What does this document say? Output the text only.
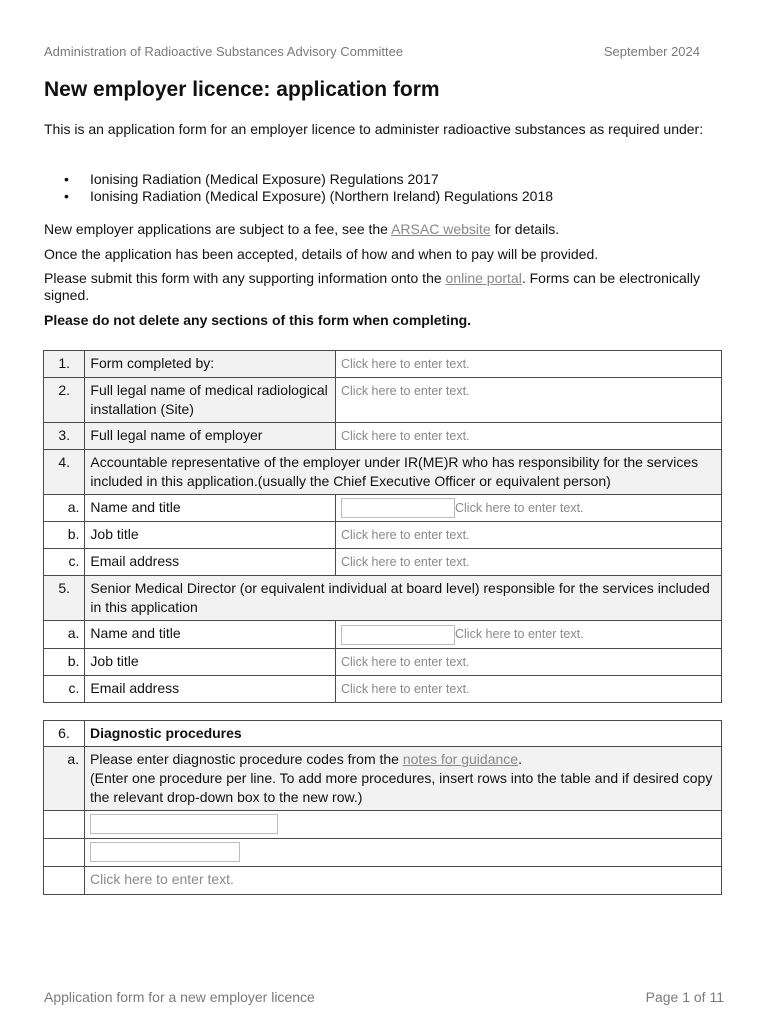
Administration of Radioactive Substances Advisory Committee	September 2024
New employer licence: application form

This is an application form for an employer licence to administer radioactive substances as required under:

• Ionising Radiation (Medical Exposure) Regulations 2017
• Ionising Radiation (Medical Exposure) (Northern Ireland) Regulations 2018

New employer applications are subject to a fee, see the ARSAC website for details.

Once the application has been accepted, details of how and when to pay will be provided.

Please submit this form with any supporting information onto the online portal. Forms can be electronically signed.

Please do not delete any sections of this form when completing.

1.	Form completed by:	Click here to enter text.
2.	Full legal name of medical radiological installation (Site)	Click here to enter text.
3.	Full legal name of employer	Click here to enter text.
4.	Accountable representative of the employer under IR(ME)R who has responsibility for the services included in this application.(usually the Chief Executive Officer or equivalent person)	
a.	Name and title	Click here to enter text.
b.	Job title	Click here to enter text.
c.	Email address	Click here to enter text.
5.	Senior Medical Director (or equivalent individual at board level) responsible for the services included in this application	
a.	Name and title	Click here to enter text.
b.	Job title	Click here to enter text.
c.	Email address	Click here to enter text.
6.	Diagnostic procedures
a.	Please enter diagnostic procedure codes from the notes for guidance.
(Enter one procedure per line. To add more procedures, insert rows into the table and if desired copy the relevant drop-down box to the new row.)

	Click here to enter text.
Application form for a new employer licence	Page 1 of 11
